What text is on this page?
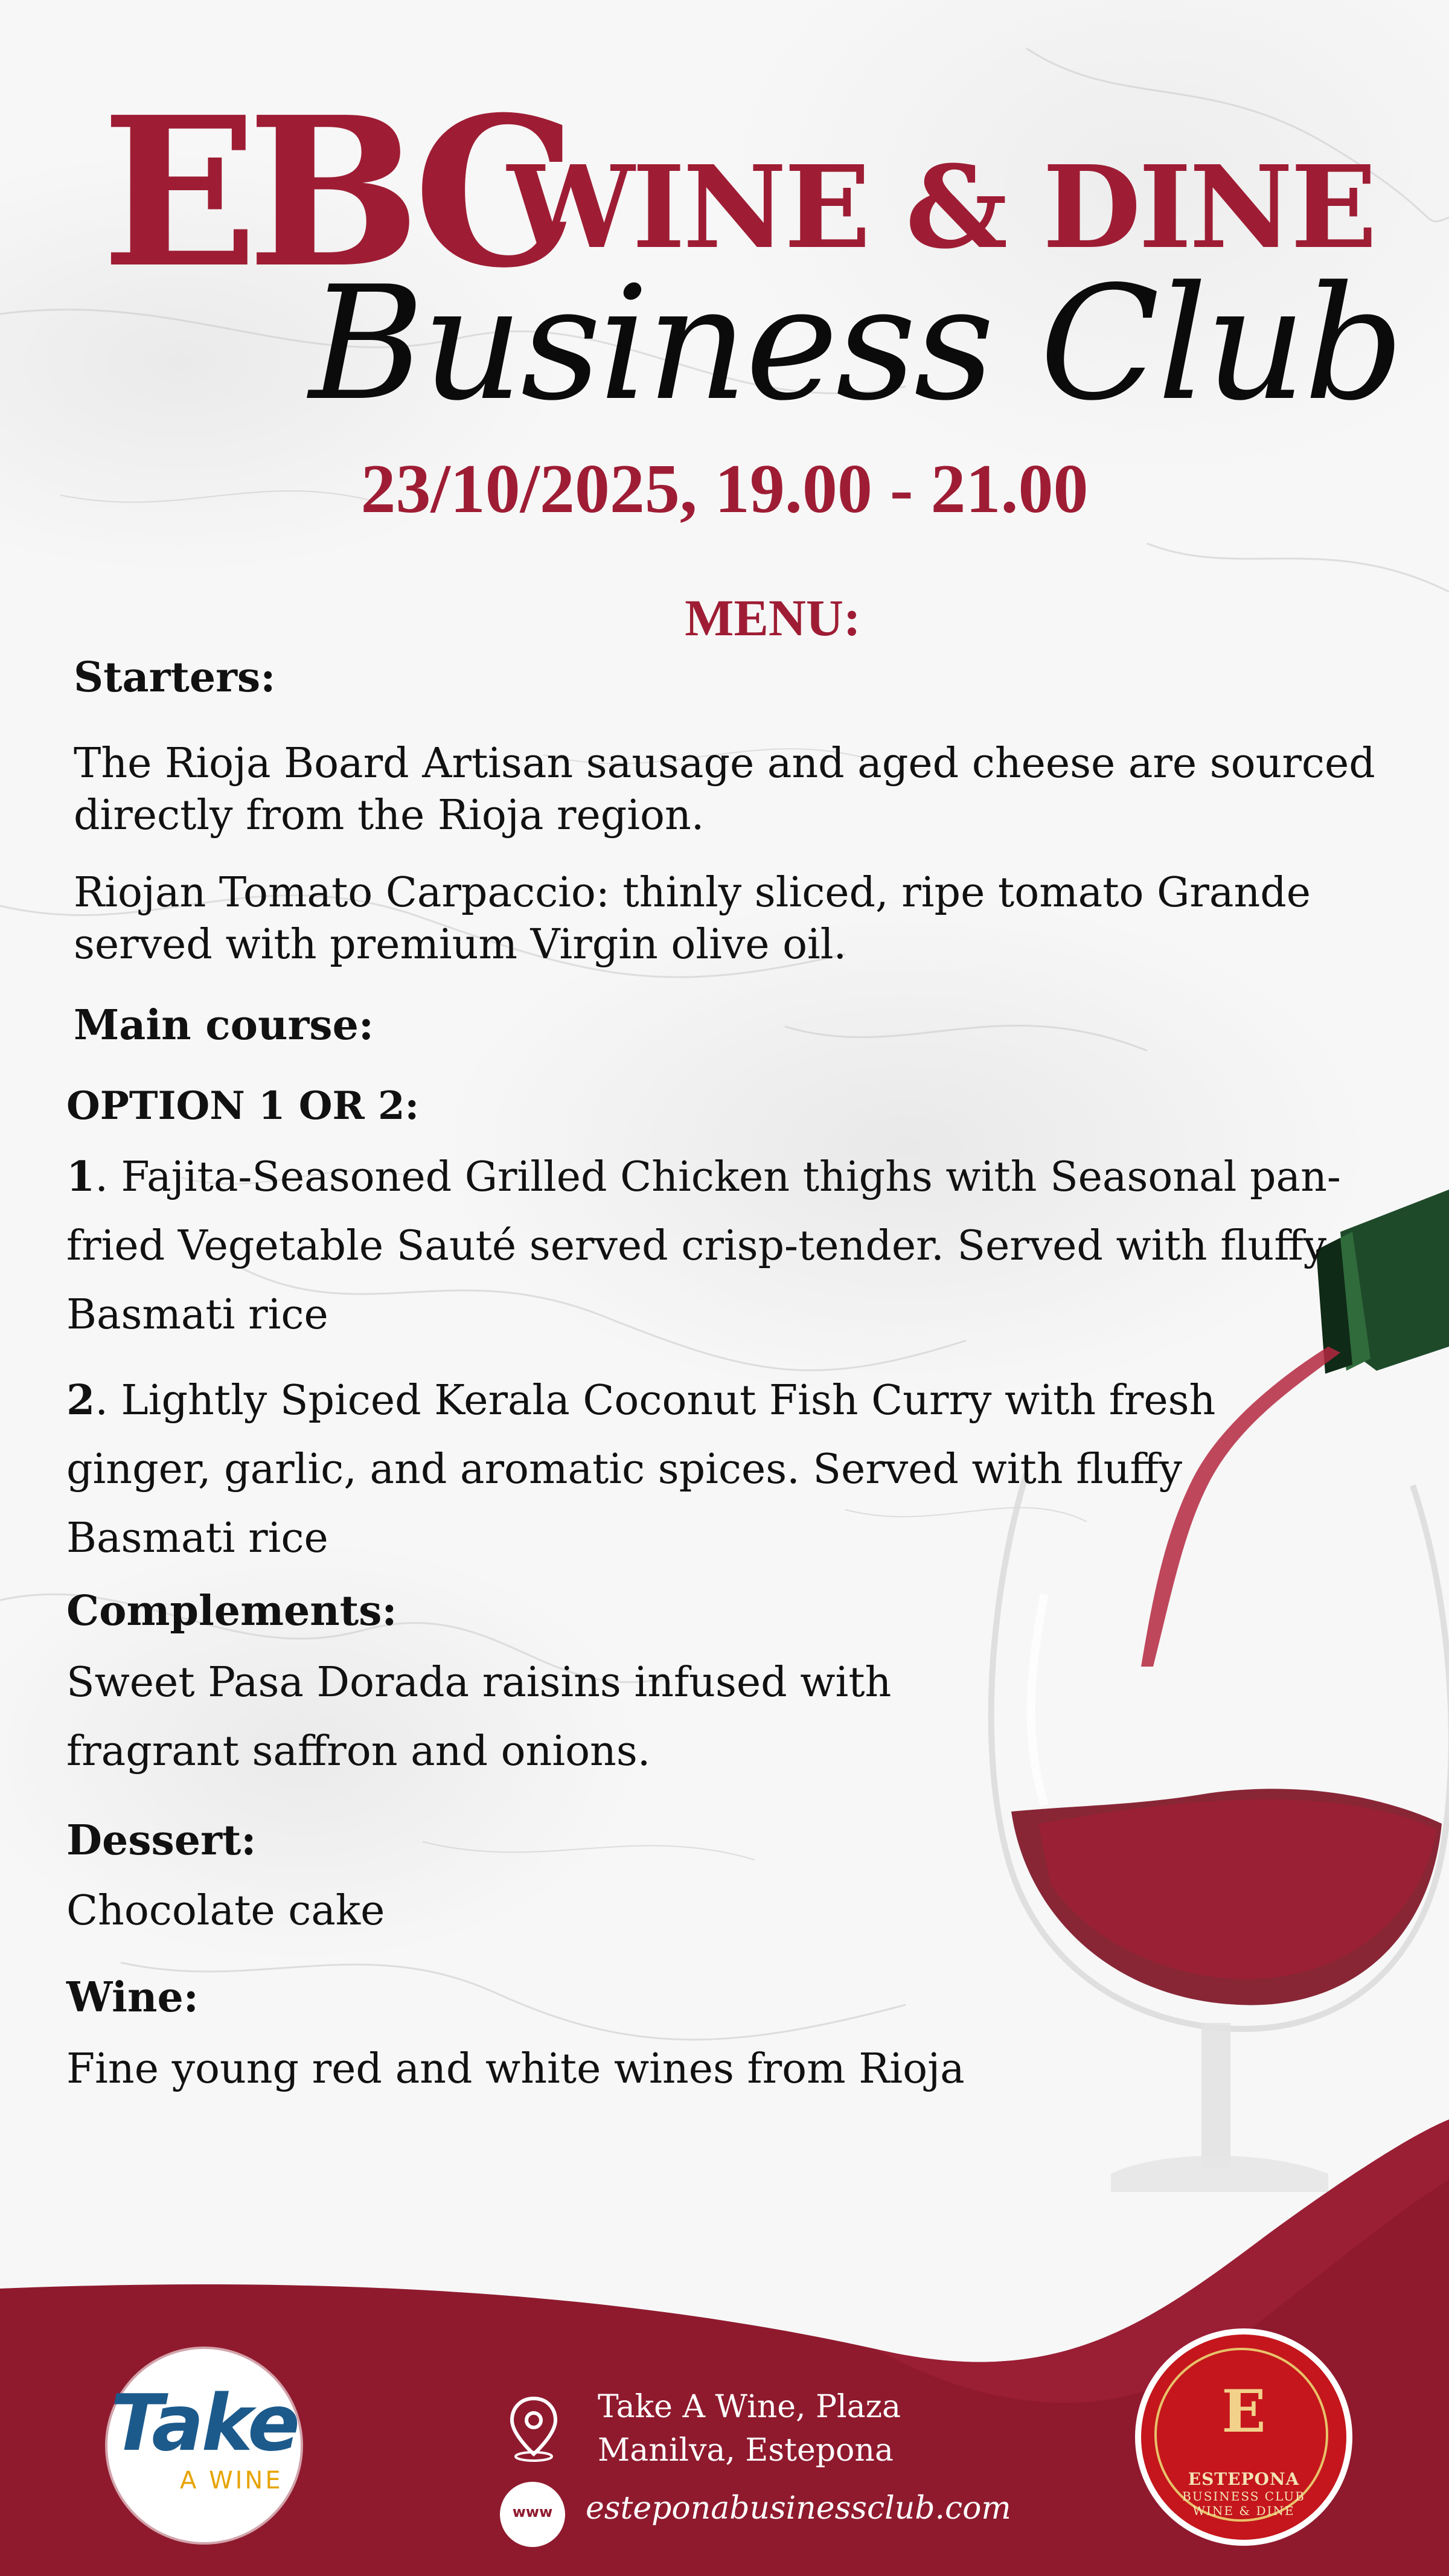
EBC
WINE & DINE
Business Club
23/10/2025, 19.00 - 21.00
MENU:
Starters:
The Rioja Board Artisan sausage and aged cheese are sourced
directly from the Rioja region.
Riojan Tomato Carpaccio: thinly sliced, ripe tomato Grande
served with premium Virgin olive oil.
Main course:
OPTION 1 OR 2:
1. Fajita-Seasoned Grilled Chicken thighs with Seasonal pan-
fried Vegetable Sauté served crisp-tender. Served with fluffy
Basmati rice
2. Lightly Spiced Kerala Coconut Fish Curry with fresh
ginger, garlic, and aromatic spices. Served with fluffy
Basmati rice
Complements:
Sweet Pasa Dorada raisins infused with
fragrant saffron and onions.
Dessert:
Chocolate cake
Wine:
Fine young red and white wines from Rioja
Take
A WINE
Take A Wine, Plaza
Manilva, Estepona
www	esteponabusinessclub.com
E
ESTEPONA
BUSINESS CLUB
WINE & DINE
